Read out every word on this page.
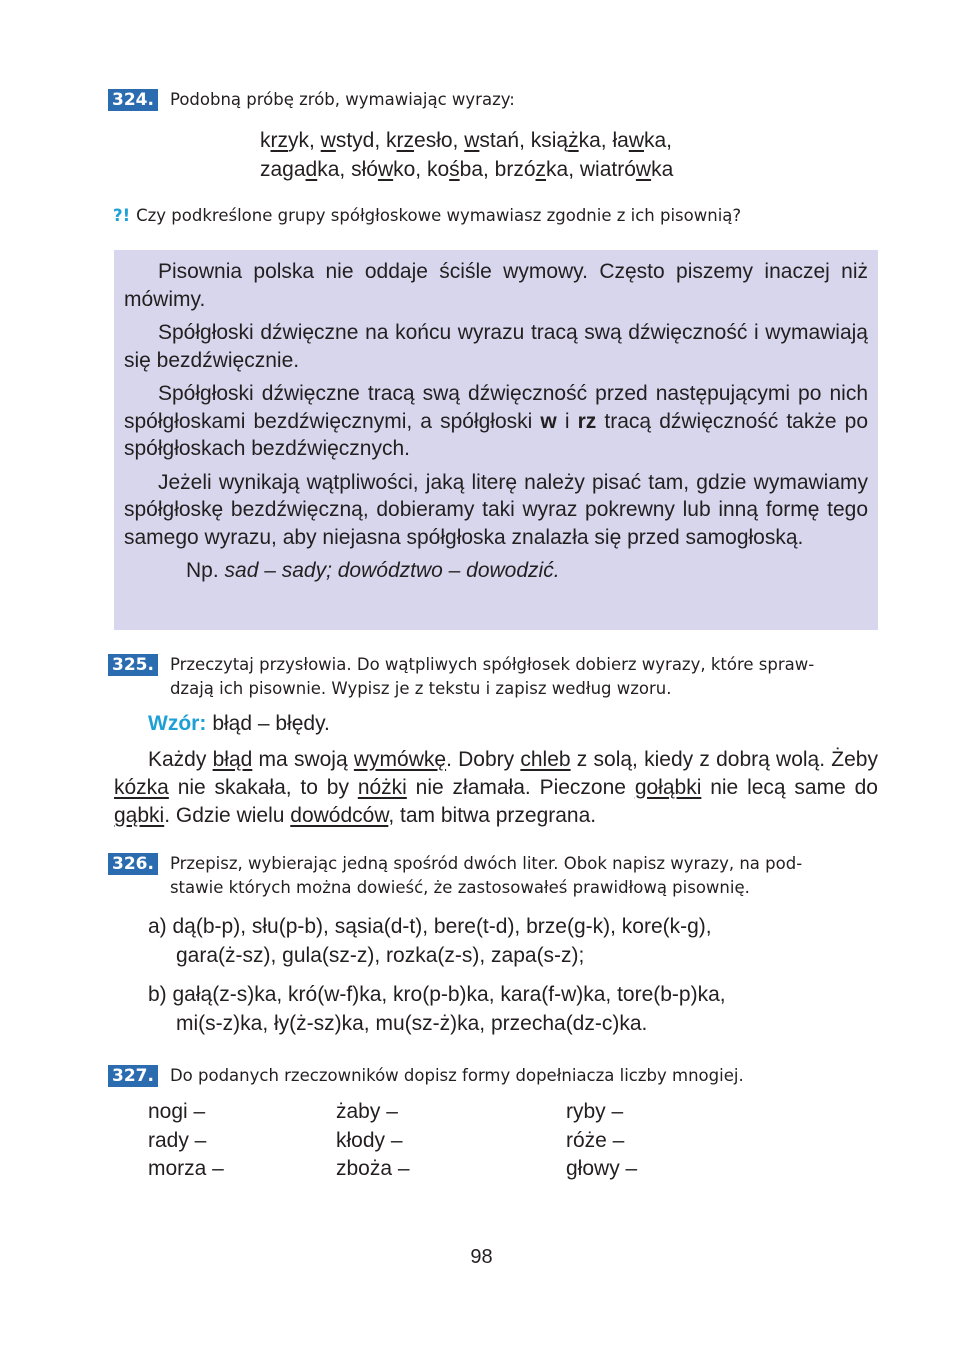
324. Podobną próbę zrób, wymawiając wyrazy:
krzyk, wstyd, krzesło, wstań, książka, ławka,
zagadka, słówko, kośba, brzózka, wiatrówka
?! Czy podkreślone grupy spółgłoskowe wymawiasz zgodnie z ich pisownią?

Pisownia polska nie oddaje ściśle wymowy. Często piszemy inaczej niż mówimy.

Spółgłoski dźwięczne na końcu wyrazu tracą swą dźwięczność i wymawiają się bezdźwięcznie.

Spółgłoski dźwięczne tracą swą dźwięczność przed następującymi po nich spółgłoskami bezdźwięcznymi, a spółgłoski w i rz tracą dźwięczność także po spółgłoskach bezdźwięcznych.

Jeżeli wynikają wątpliwości, jaką literę należy pisać tam, gdzie wymawiamy spółgłoskę bezdźwięczną, dobieramy taki wyraz pokrewny lub inną formę tego samego wyrazu, aby niejasna spółgłoska znalazła się przed samogłoską.

Np. sad – sady; dowództwo – dowodzić.

325. Przeczytaj przysłowia. Do wątpliwych spółgłosek dobierz wyrazy, które spraw-
dzają ich pisownie. Wypisz je z tekstu i zapisz według wzoru.
Wzór: błąd – błędy.

Każdy błąd ma swoją wymówkę. Dobry chleb z solą, kiedy z dobrą wolą. Żeby kózka nie skakała, to by nóżki nie złamała. Pieczone gołąbki nie lecą same do gąbki. Gdzie wielu dowódców, tam bitwa przegrana.

326. Przepisz, wybierając jedną spośród dwóch liter. Obok napisz wyrazy, na pod-
stawie których można dowieść, że zastosowałeś prawidłową pisownię.

a) dą(b-p), słu(p-b), sąsia(d-t), bere(t-d), brze(g-k), kore(k-g),
gara(ż-sz), gula(sz-z), rozka(z-s), zapa(s-z);

b) gałą(z-s)ka, kró(w-f)ka, kro(p-b)ka, kara(f-w)ka, tore(b-p)ka,
mi(s-z)ka, ły(ż-sz)ka, mu(sz-ż)ka, przecha(dz-c)ka.

327. Do podanych rzeczowników dopisz formy dopełniacza liczby mnogiej.
nogi –	żaby –	ryby –
rady –	kłody –	róże –
morza –	zboża –	głowy –
98
